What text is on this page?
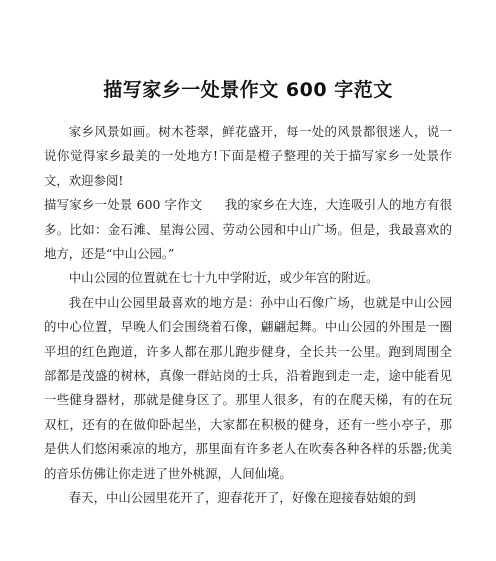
描写家乡一处景作文 600 字范文

家乡风景如画。树木苍翠，鲜花盛开，每一处的风景都很迷人，说一说你觉得家乡最美的一处地方!下面是橙子整理的关于描写家乡一处景作文，欢迎参阅!

描写家乡一处景 600 字作文 我的家乡在大连，大连吸引人的地方有很多。比如：金石滩、星海公园、劳动公园和中山广场。但是，我最喜欢的地方，还是“中山公园。”

中山公园的位置就在七十九中学附近，或少年宫的附近。

我在中山公园里最喜欢的地方是：孙中山石像广场，也就是中山公园的中心位置，早晚人们会围绕着石像，翩翩起舞。中山公园的外围是一圈平坦的红色跑道，许多人都在那儿跑步健身，全长共一公里。跑到周围全部都是茂盛的树林，真像一群站岗的士兵，沿着跑到走一走，途中能看见一些健身器材，那就是健身区了。那里人很多，有的在爬天梯，有的在玩双杠，还有的在做仰卧起坐，大家都在积极的健身，还有一些小亭子，那是供人们悠闲乘凉的地方，那里面有许多老人在吹奏各种各样的乐器;优美的音乐仿佛让你走进了世外桃源，人间仙境。

春天，中山公园里花开了，迎春花开了，好像在迎接春姑娘的到
